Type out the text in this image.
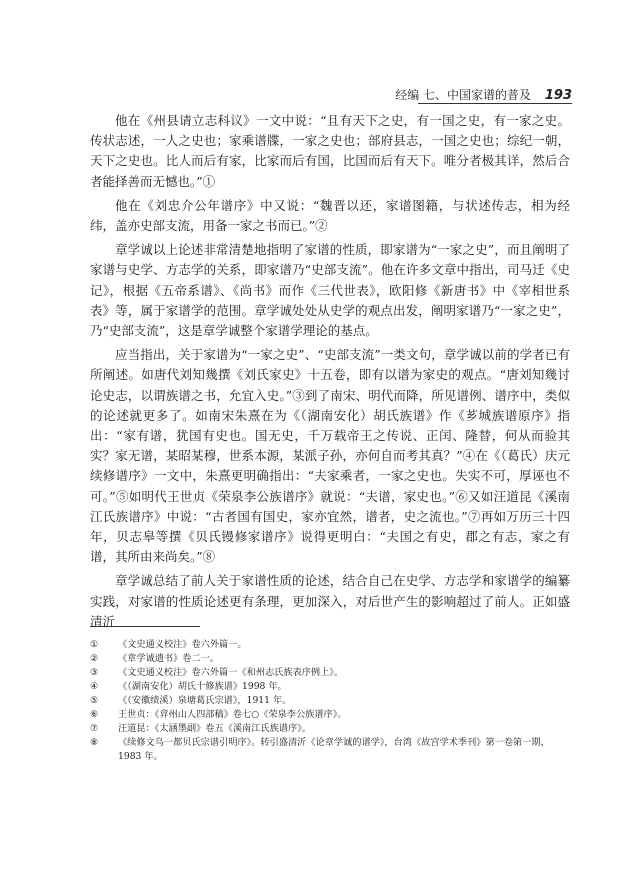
经编 七、中国家谱的普及 193

他在《州县请立志科议》一文中说：“且有天下之史，有一国之史，有一家之史。传状志述，一人之史也；家乘谱牒，一家之史也；部府县志，一国之史也；综纪一朝，天下之史也。比人而后有家，比家而后有国，比国而后有天下。唯分者极其详，然后合者能择善而无憾也。”①

他在《刘忠介公年谱序》中又说：“魏晋以还，家谱图籍，与状述传志，相为经纬，盖亦史部支流，用备一家之书而已。”②

章学诚以上论述非常清楚地指明了家谱的性质，即家谱为“一家之史”，而且阐明了家谱与史学、方志学的关系，即家谱乃“史部支流”。他在许多文章中指出，司马迁《史记》，根据《五帝系谱》、《尚书》而作《三代世表》，欧阳修《新唐书》中《宰相世系表》等，属于家谱学的范围。章学诚处处从史学的观点出发，阐明家谱乃“一家之史”，乃“史部支流”，这是章学诚整个家谱学理论的基点。

应当指出，关于家谱为“一家之史”、“史部支流”一类文句，章学诚以前的学者已有所阐述。如唐代刘知幾撰《刘氏家史》十五卷，即有以谱为家史的观点。“唐刘知幾讨论史志，以谓族谱之书，允宜入史。”③到了南宋、明代而降，所见谱例、谱序中，类似的论述就更多了。如南宋朱熹在为《（湖南安化）胡氏族谱》作《芗城族谱原序》指出：“家有谱，犹国有史也。国无史，千万载帝王之传说、正闰、隆替，何从而验其实？家无谱，某昭某穆，世系本源，某派子孙，亦何自而考其真？”④在《（葛氏）庆元续修谱序》一文中，朱熹更明确指出：“夫家乘者，一家之史也。失实不可，厚诬也不可。”⑤如明代王世贞《荣泉李公族谱序》就说：“夫谱，家史也。”⑥又如汪道昆《溪南江氏族谱序》中说：“古者国有国史，家亦宜然，谱者，史之流也。”⑦再如万历三十四年，贝志皋等撰《贝氏镘修家谱序》说得更明白：“夫国之有史，郡之有志，家之有谱，其所由来尚矣。”⑧

章学诚总结了前人关于家谱性质的论述，结合自己在史学、方志学和家谱学的编纂实践，对家谱的性质论述更有条理，更加深入，对后世产生的影响超过了前人。正如盛清沂

① 《文史通义校注》卷六外篇一。

② 《章学诚遗书》卷二一。

③ 《文史通义校注》卷六外篇一《和州志氏族表序例上》。

④ 《（湖南安化）胡氏十修族谱》1998 年。

⑤ 《（安徽绩溪）泉塘葛氏宗谱》，1911 年。

⑥ 王世贞：《弇州山人四部稿》卷七○《荣泉李公族谱序》。

⑦ 汪道昆：《太涵墨副》卷五《溪南江氏族谱序》。

⑧ 《续修文乌一都贝氏宗谱引明序》。转引盛清沂《论章学诚的谱学》，台湾《故宫学术季刊》第一卷第一期，1983 年。
